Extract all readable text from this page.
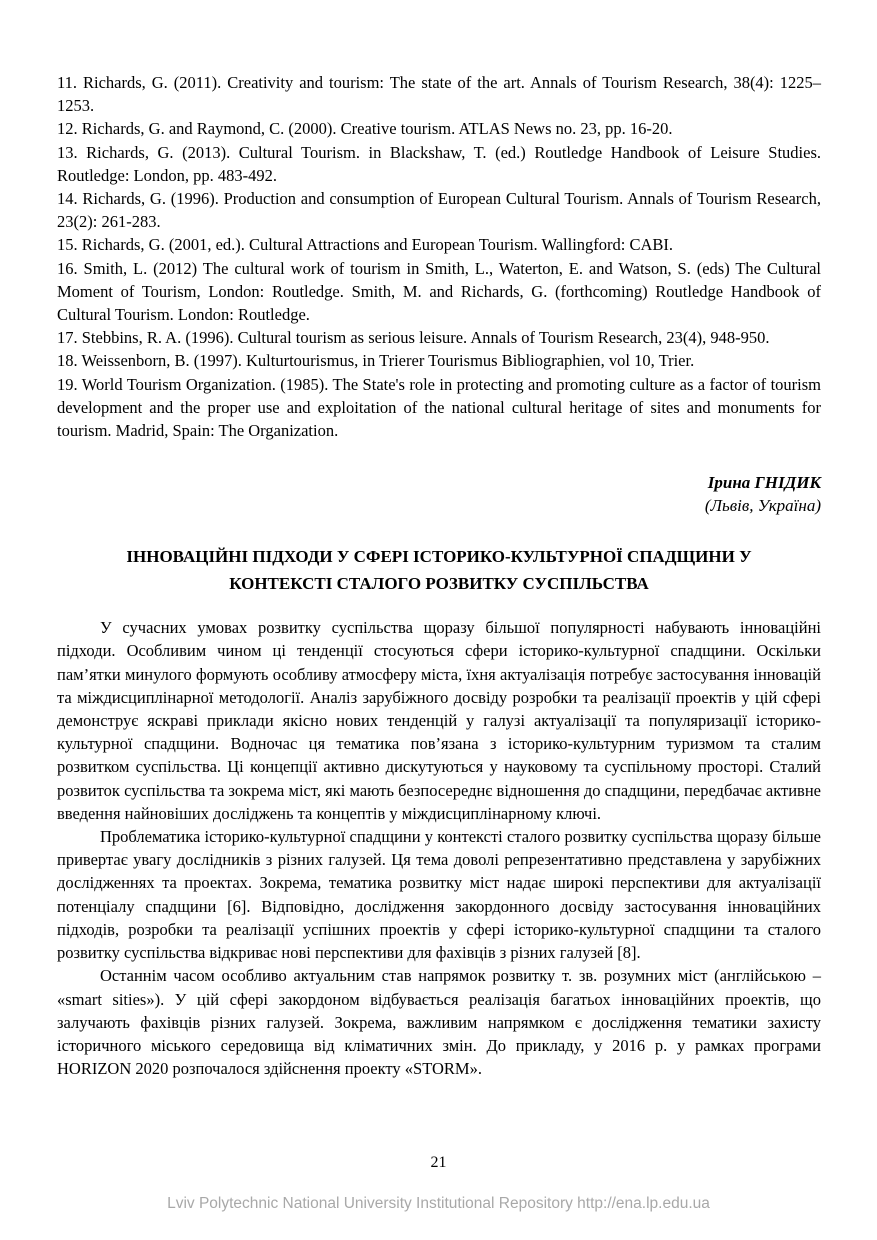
11. Richards, G. (2011). Creativity and tourism: The state of the art. Annals of Tourism Research, 38(4): 1225–1253.

12. Richards, G. and Raymond, C. (2000). Creative tourism. ATLAS News no. 23, pp. 16-20.

13. Richards, G. (2013). Cultural Tourism. in Blackshaw, T. (ed.) Routledge Handbook of Leisure Studies. Routledge: London, pp. 483-492.

14. Richards, G. (1996). Production and consumption of European Cultural Tourism. Annals of Tourism Research, 23(2): 261-283.

15. Richards, G. (2001, ed.). Cultural Attractions and European Tourism. Wallingford: CABI.

16. Smith, L. (2012) The cultural work of tourism in Smith, L., Waterton, E. and Watson, S. (eds) The Cultural Moment of Tourism, London: Routledge. Smith, M. and Richards, G. (forthcoming) Routledge Handbook of Cultural Tourism. London: Routledge.

17. Stebbins, R. A. (1996). Cultural tourism as serious leisure. Annals of Tourism Research, 23(4), 948-950.

18. Weissenborn, B. (1997). Kulturtourismus, in Trierer Tourismus Bibliographien, vol 10, Trier.

19. World Tourism Organization. (1985). The State's role in protecting and promoting culture as a factor of tourism development and the proper use and exploitation of the national cultural heritage of sites and monuments for tourism. Madrid, Spain: The Organization.

Ірина ГНІДИК

(Львів, Україна)

ІННОВАЦІЙНІ ПІДХОДИ У СФЕРІ ІСТОРИКО-КУЛЬТУРНОЇ СПАДЩИНИ У КОНТЕКСТІ СТАЛОГО РОЗВИТКУ СУСПІЛЬСТВА

У сучасних умовах розвитку суспільства щоразу більшої популярності набувають інноваційні підходи. Особливим чином ці тенденції стосуються сфери історико-культурної спадщини. Оскільки пам’ятки минулого формують особливу атмосферу міста, їхня актуалізація потребує застосування інновацій та міждисциплінарної методології. Аналіз зарубіжного досвіду розробки та реалізації проектів у цій сфері демонструє яскраві приклади якісно нових тенденцій у галузі актуалізації та популяризації історико-культурної спадщини. Водночас ця тематика пов’язана з історико-культурним туризмом та сталим розвитком суспільства. Ці концепції активно дискутуються у науковому та суспільному просторі. Сталий розвиток суспільства та зокрема міст, які мають безпосереднє відношення до спадщини, передбачає активне введення найновіших досліджень та концептів у міждисциплінарному ключі.

Проблематика історико-культурної спадщини у контексті сталого розвитку суспільства щоразу більше привертає увагу дослідників з різних галузей. Ця тема доволі репрезентативно представлена у зарубіжних дослідженнях та проектах. Зокрема, тематика розвитку міст надає широкі перспективи для актуалізації потенціалу спадщини [6]. Відповідно, дослідження закордонного досвіду застосування інноваційних підходів, розробки та реалізації успішних проектів у сфері історико-культурної спадщини та сталого розвитку суспільства відкриває нові перспективи для фахівців з різних галузей [8].

Останнім часом особливо актуальним став напрямок розвитку т. зв. розумних міст (англійською – «smart sities»). У цій сфері закордоном відбувається реалізація багатьох інноваційних проектів, що залучають фахівців різних галузей. Зокрема, важливим напрямком є дослідження тематики захисту історичного міського середовища від кліматичних змін. До прикладу, у 2016 р. у рамках програми HORIZON 2020 розпочалося здійснення проекту «STORM».

21
Lviv Polytechnic National University Institutional Repository http://ena.lp.edu.ua
